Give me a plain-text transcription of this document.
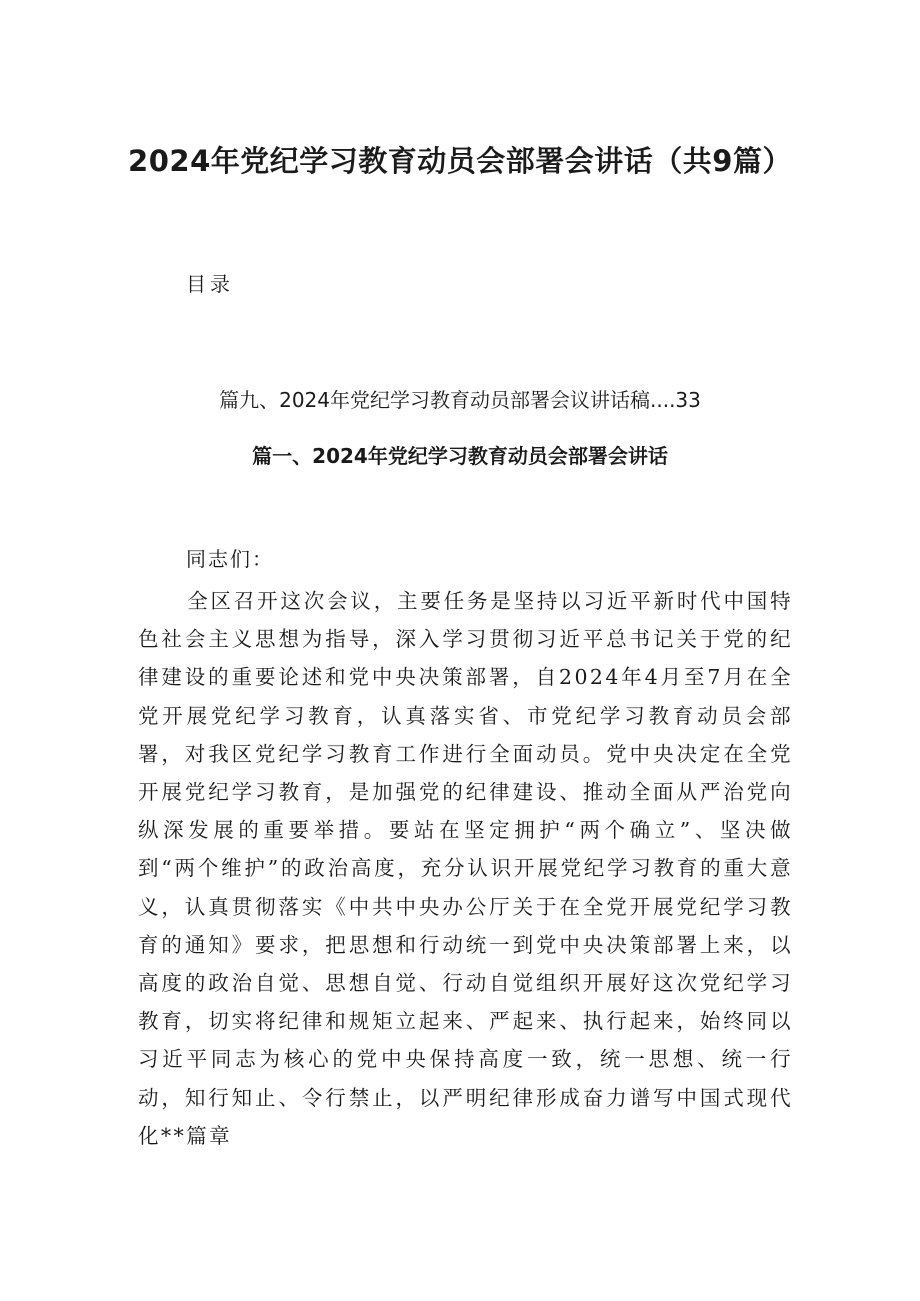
2024年党纪学习教育动员会部署会讲话（共9篇）
目录
篇九、2024年党纪学习教育动员部署会议讲话稿....33
篇一、2024年党纪学习教育动员会部署会讲话
同志们：

全区召开这次会议，主要任务是坚持以习近平新时代中国特色社会主义思想为指导，深入学习贯彻习近平总书记关于党的纪律建设的重要论述和党中央决策部署，自2024年4月至7月在全党开展党纪学习教育，认真落实省、市党纪学习教育动员会部署，对我区党纪学习教育工作进行全面动员。党中央决定在全党开展党纪学习教育，是加强党的纪律建设、推动全面从严治党向纵深发展的重要举措。要站在坚定拥护“两个确立”、坚决做到“两个维护”的政治高度，充分认识开展党纪学习教育的重大意义，认真贯彻落实《中共中央办公厅关于在全党开展党纪学习教育的通知》要求，把思想和行动统一到党中央决策部署上来，以高度的政治自觉、思想自觉、行动自觉组织开展好这次党纪学习教育，切实将纪律和规矩立起来、严起来、执行起来，始终同以习近平同志为核心的党中央保持高度一致，统一思想、统一行动，知行知止、令行禁止，以严明纪律形成奋力谱写中国式现代化**篇章
